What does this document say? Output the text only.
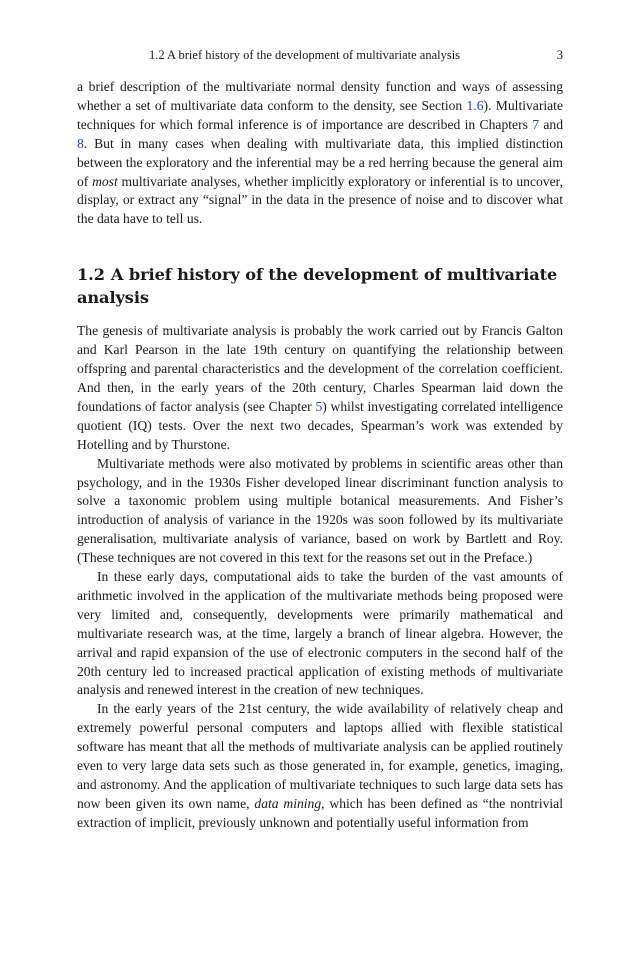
1.2 A brief history of the development of multivariate analysis	3

a brief description of the multivariate normal density function and ways of assessing whether a set of multivariate data conform to the density, see Section 1.6). Multivariate techniques for which formal inference is of importance are described in Chapters 7 and 8. But in many cases when dealing with multivariate data, this implied distinction between the exploratory and the inferential may be a red herring because the general aim of most multivariate analyses, whether implicitly exploratory or inferential is to uncover, display, or extract any “signal” in the data in the presence of noise and to discover what the data have to tell us.

1.2 A brief history of the development of multivariate analysis

The genesis of multivariate analysis is probably the work carried out by Francis Galton and Karl Pearson in the late 19th century on quantifying the relationship between offspring and parental characteristics and the development of the correlation coefficient. And then, in the early years of the 20th century, Charles Spearman laid down the foundations of factor analysis (see Chapter 5) whilst investigating correlated intelligence quotient (IQ) tests. Over the next two decades, Spearman’s work was extended by Hotelling and by Thurstone.

Multivariate methods were also motivated by problems in scientific areas other than psychology, and in the 1930s Fisher developed linear discriminant function analysis to solve a taxonomic problem using multiple botanical measurements. And Fisher’s introduction of analysis of variance in the 1920s was soon followed by its multivariate generalisation, multivariate analysis of variance, based on work by Bartlett and Roy. (These techniques are not covered in this text for the reasons set out in the Preface.)

In these early days, computational aids to take the burden of the vast amounts of arithmetic involved in the application of the multivariate methods being proposed were very limited and, consequently, developments were primarily mathematical and multivariate research was, at the time, largely a branch of linear algebra. However, the arrival and rapid expansion of the use of electronic computers in the second half of the 20th century led to increased practical application of existing methods of multivariate analysis and renewed interest in the creation of new techniques.

In the early years of the 21st century, the wide availability of relatively cheap and extremely powerful personal computers and laptops allied with flexible statistical software has meant that all the methods of multivariate analysis can be applied routinely even to very large data sets such as those generated in, for example, genetics, imaging, and astronomy. And the application of multivariate techniques to such large data sets has now been given its own name, data mining, which has been defined as “the nontrivial extraction of implicit, previously unknown and potentially useful information from
